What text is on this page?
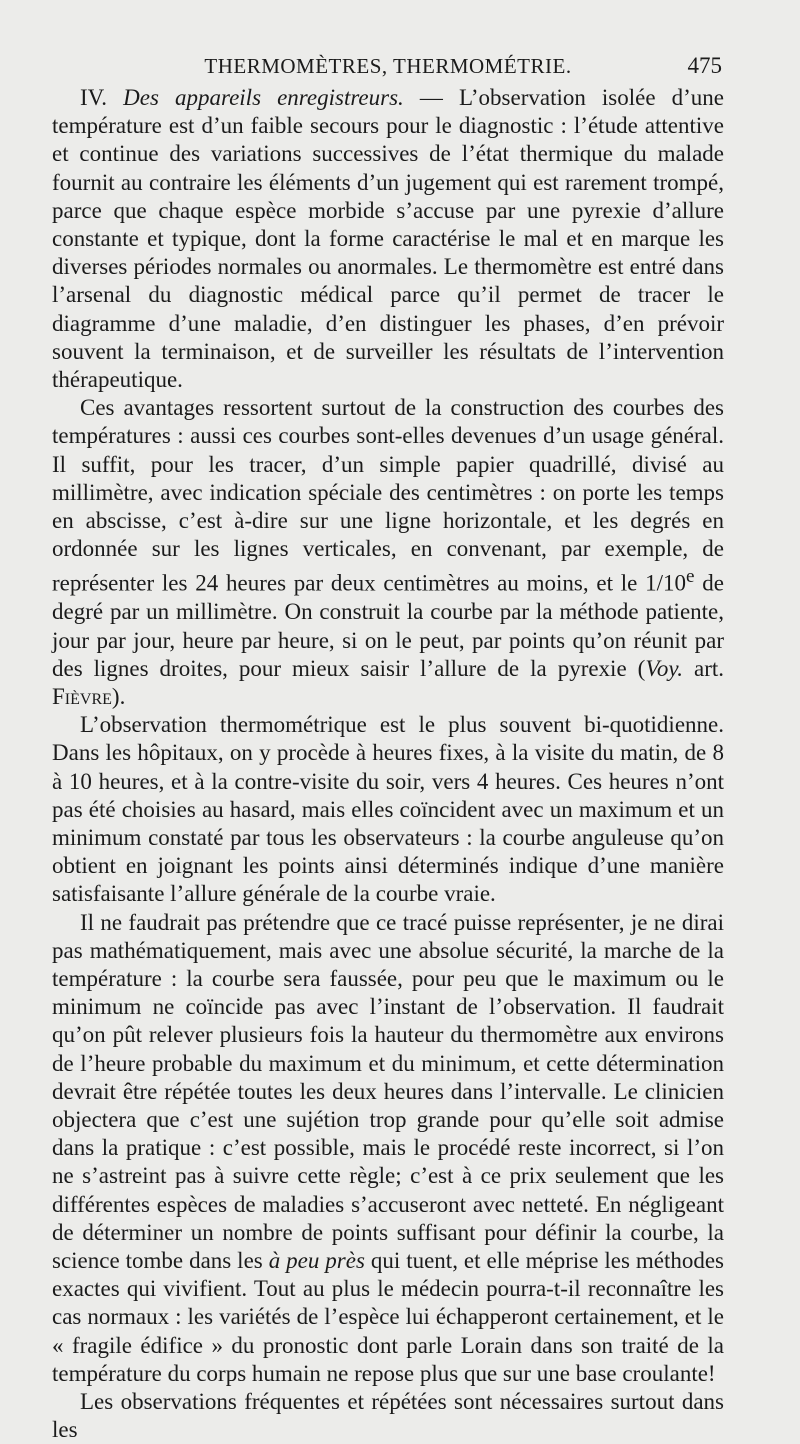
THERMOMÈTRES, THERMOMÉTRIE.	475

IV. Des appareils enregistreurs. — L’observation isolée d’une température est d’un faible secours pour le diagnostic : l’étude attentive et continue des variations successives de l’état thermique du malade fournit au contraire les éléments d’un jugement qui est rarement trompé, parce que chaque espèce morbide s’accuse par une pyrexie d’allure constante et typique, dont la forme caractérise le mal et en marque les diverses périodes normales ou anormales. Le thermomètre est entré dans l’arsenal du diagnostic médical parce qu’il permet de tracer le diagramme d’une maladie, d’en distinguer les phases, d’en prévoir souvent la terminaison, et de surveiller les résultats de l’intervention thérapeutique.

Ces avantages ressortent surtout de la construction des courbes des températures : aussi ces courbes sont-elles devenues d’un usage général. Il suffit, pour les tracer, d’un simple papier quadrillé, divisé au millimètre, avec indication spéciale des centimètres : on porte les temps en abscisse, c’est à-dire sur une ligne horizontale, et les degrés en ordonnée sur les lignes verticales, en convenant, par exemple, de représenter les 24 heures par deux centimètres au moins, et le 1/10e de degré par un millimètre. On construit la courbe par la méthode patiente, jour par jour, heure par heure, si on le peut, par points qu’on réunit par des lignes droites, pour mieux saisir l’allure de la pyrexie (Voy. art. Fièvre).

L’observation thermométrique est le plus souvent bi-quotidienne. Dans les hôpitaux, on y procède à heures fixes, à la visite du matin, de 8 à 10 heures, et à la contre-visite du soir, vers 4 heures. Ces heures n’ont pas été choisies au hasard, mais elles coïncident avec un maximum et un minimum constaté par tous les observateurs : la courbe anguleuse qu’on obtient en joignant les points ainsi déterminés indique d’une manière satisfaisante l’allure générale de la courbe vraie.

Il ne faudrait pas prétendre que ce tracé puisse représenter, je ne dirai pas mathématiquement, mais avec une absolue sécurité, la marche de la température : la courbe sera faussée, pour peu que le maximum ou le minimum ne coïncide pas avec l’instant de l’observation. Il faudrait qu’on pût relever plusieurs fois la hauteur du thermomètre aux environs de l’heure probable du maximum et du minimum, et cette détermination devrait être répétée toutes les deux heures dans l’intervalle. Le clinicien objectera que c’est une sujétion trop grande pour qu’elle soit admise dans la pratique : c’est possible, mais le procédé reste incorrect, si l’on ne s’astreint pas à suivre cette règle; c’est à ce prix seulement que les différentes espèces de maladies s’accuseront avec netteté. En négligeant de déterminer un nombre de points suffisant pour définir la courbe, la science tombe dans les à peu près qui tuent, et elle méprise les méthodes exactes qui vivifient. Tout au plus le médecin pourra-t-il reconnaître les cas normaux : les variétés de l’espèce lui échapperont certainement, et le « fragile édifice » du pronostic dont parle Lorain dans son traité de la température du corps humain ne repose plus que sur une base croulante!

Les observations fréquentes et répétées sont nécessaires surtout dans les
